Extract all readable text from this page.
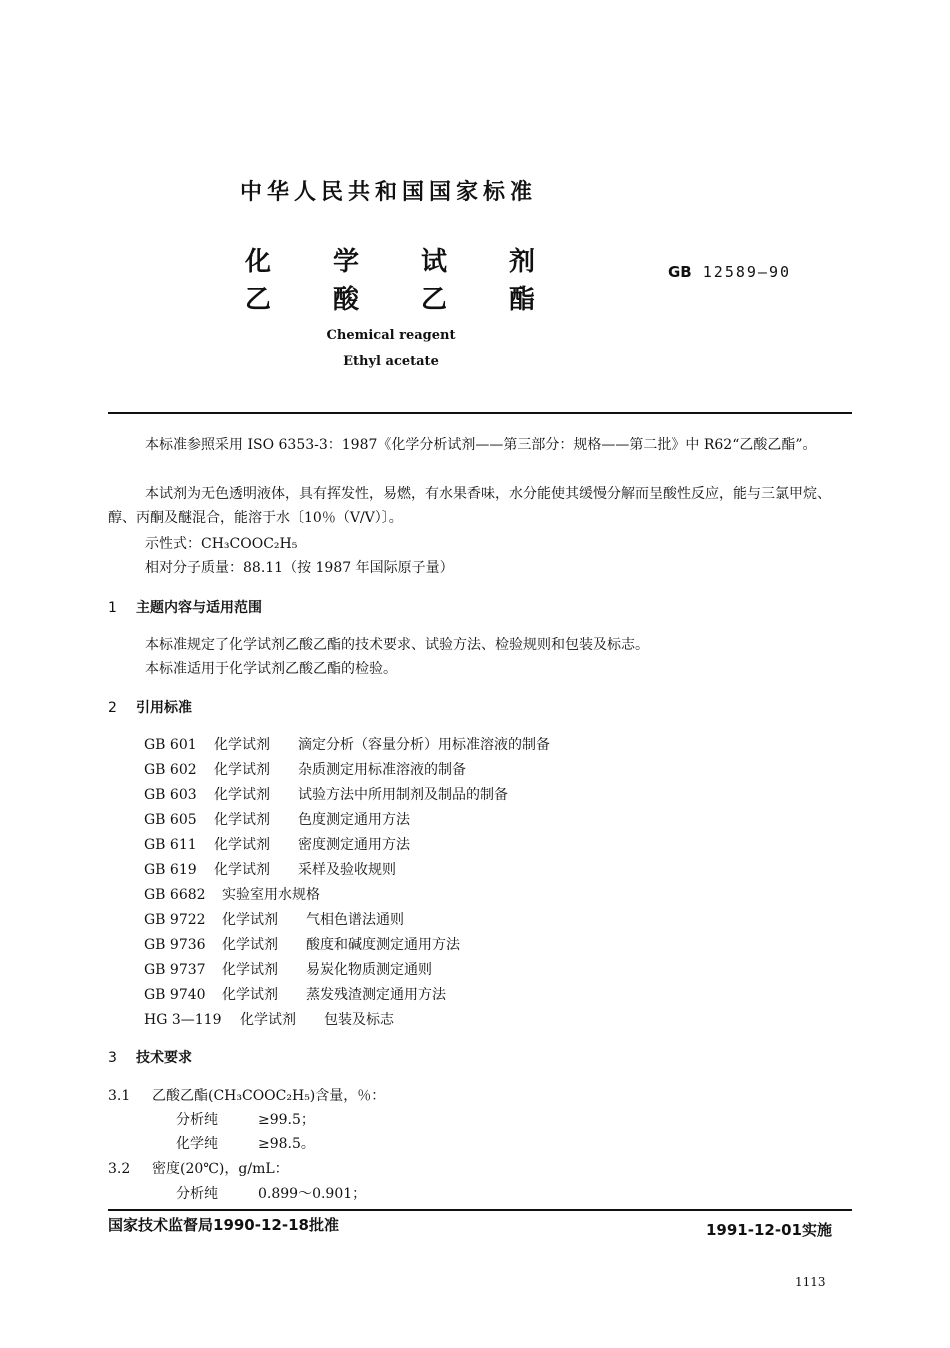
中华人民共和国国家标准
化 学 试 剂
乙 酸 乙 酯
GB 12589—90
Chemical reagent
Ethyl acetate
本标准参照采用 ISO 6353-3：1987《化学分析试剂——第三部分：规格——第二批》中 R62“乙酸乙酯”。
本试剂为无色透明液体，具有挥发性，易燃，有水果香味，水分能使其缓慢分解而呈酸性反应，能与三氯甲烷、醇、丙酮及醚混合，能溶于水〔10％（V/V）〕。
示性式：CH₃COOC₂H₅
相对分子质量：88.11（按 1987 年国际原子量）
1 主题内容与适用范围
本标准规定了化学试剂乙酸乙酯的技术要求、试验方法、检验规则和包装及标志。
本标准适用于化学试剂乙酸乙酯的检验。
2 引用标准
GB 601 化学试剂 滴定分析（容量分析）用标准溶液的制备
GB 602 化学试剂 杂质测定用标准溶液的制备
GB 603 化学试剂 试验方法中所用制剂及制品的制备
GB 605 化学试剂 色度测定通用方法
GB 611 化学试剂 密度测定通用方法
GB 619 化学试剂 采样及验收规则
GB 6682 实验室用水规格
GB 9722 化学试剂 气相色谱法通则
GB 9736 化学试剂 酸度和碱度测定通用方法
GB 9737 化学试剂 易炭化物质测定通则
GB 9740 化学试剂 蒸发残渣测定通用方法
HG 3—119 化学试剂 包装及标志
3 技术要求
3.1 乙酸乙酯(CH₃COOC₂H₅)含量，％：
分析纯	≥99.5；
化学纯	≥98.5。
3.2 密度(20℃)，g/mL：
分析纯	0.899～0.901；
国家技术监督局1990-12-18批准	1991-12-01实施
1113
